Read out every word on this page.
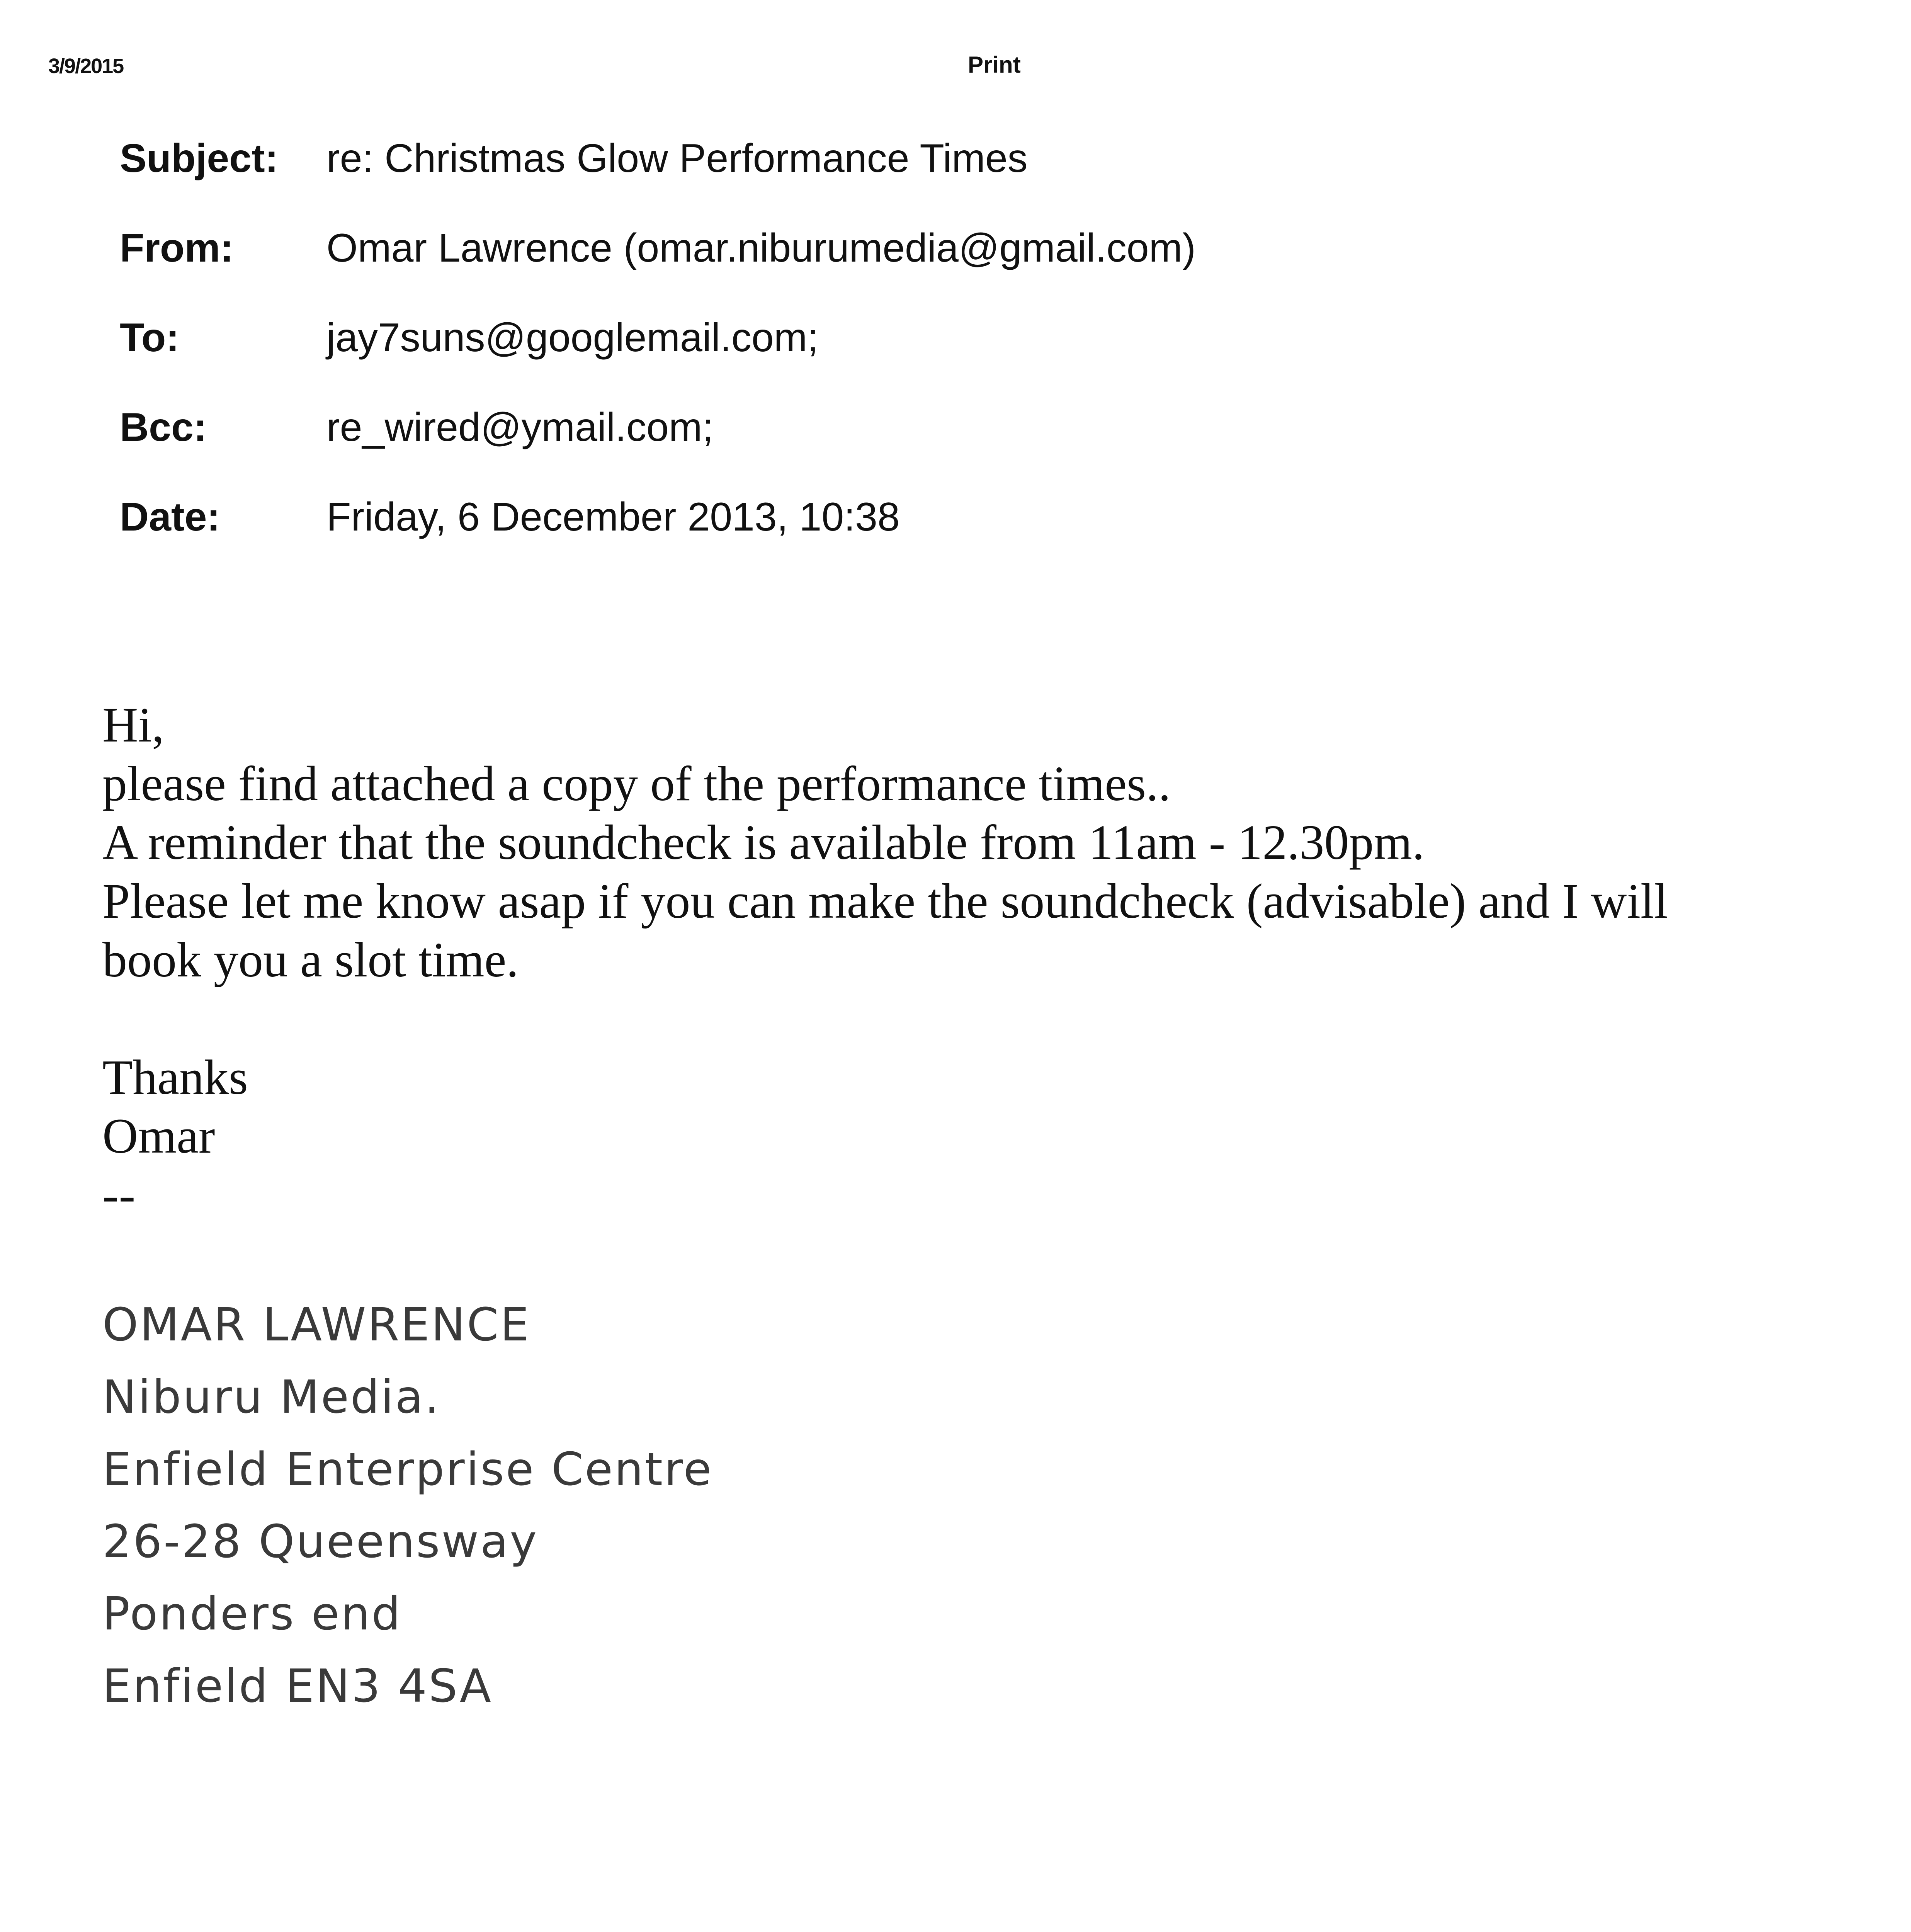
3/9/2015	Print
Subject: re: Christmas Glow Performance Times
From: Omar Lawrence (omar.niburumedia@gmail.com)
To:	jay7suns@googlemail.com;
Bcc:	re_wired@ymail.com;
Date:	Friday, 6 December 2013, 10:38

Hi,

please find attached a copy of the performance times..

A reminder that the soundcheck is available from 11am - 12.30pm.

Please let me know asap if you can make the soundcheck (advisable) and I will

book you a slot time.

Thanks

Omar

--

OMAR LAWRENCE
Niburu Media.
Enfield Enterprise Centre
26-28 Queensway
Ponders end
Enfield EN3 4SA
